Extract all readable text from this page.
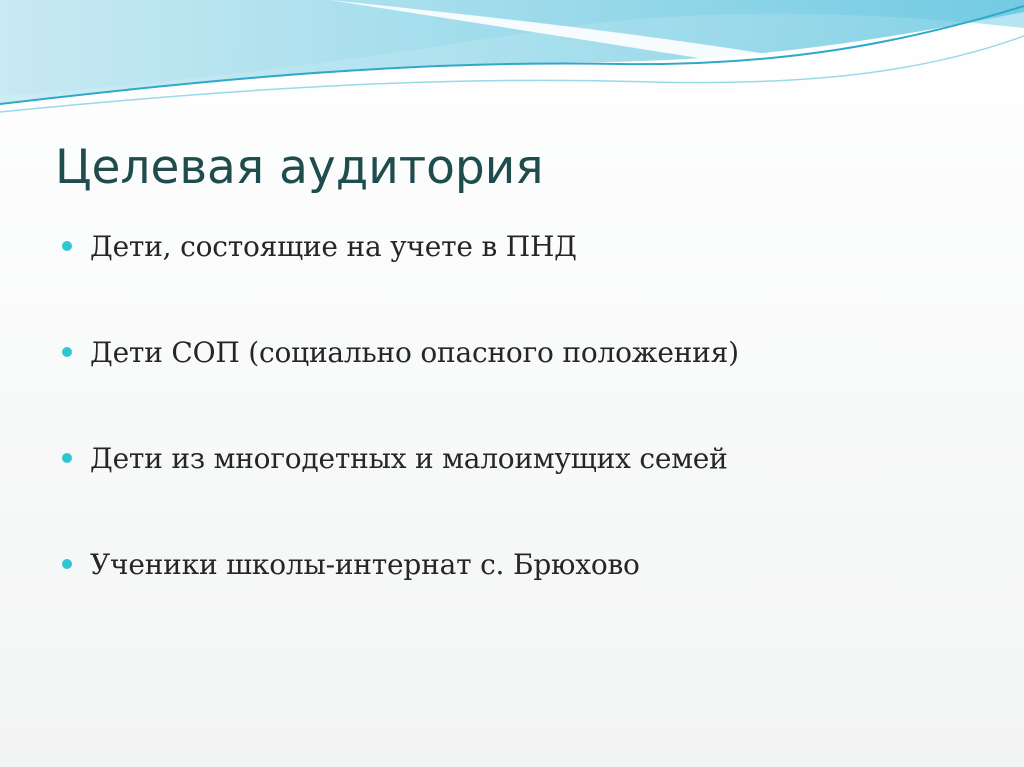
Целевая аудитория
Дети, состоящие на учете в ПНД
Дети СОП (социально опасного положения)
Дети из многодетных и малоимущих семей
Ученики школы-интернат с. Брюхово
